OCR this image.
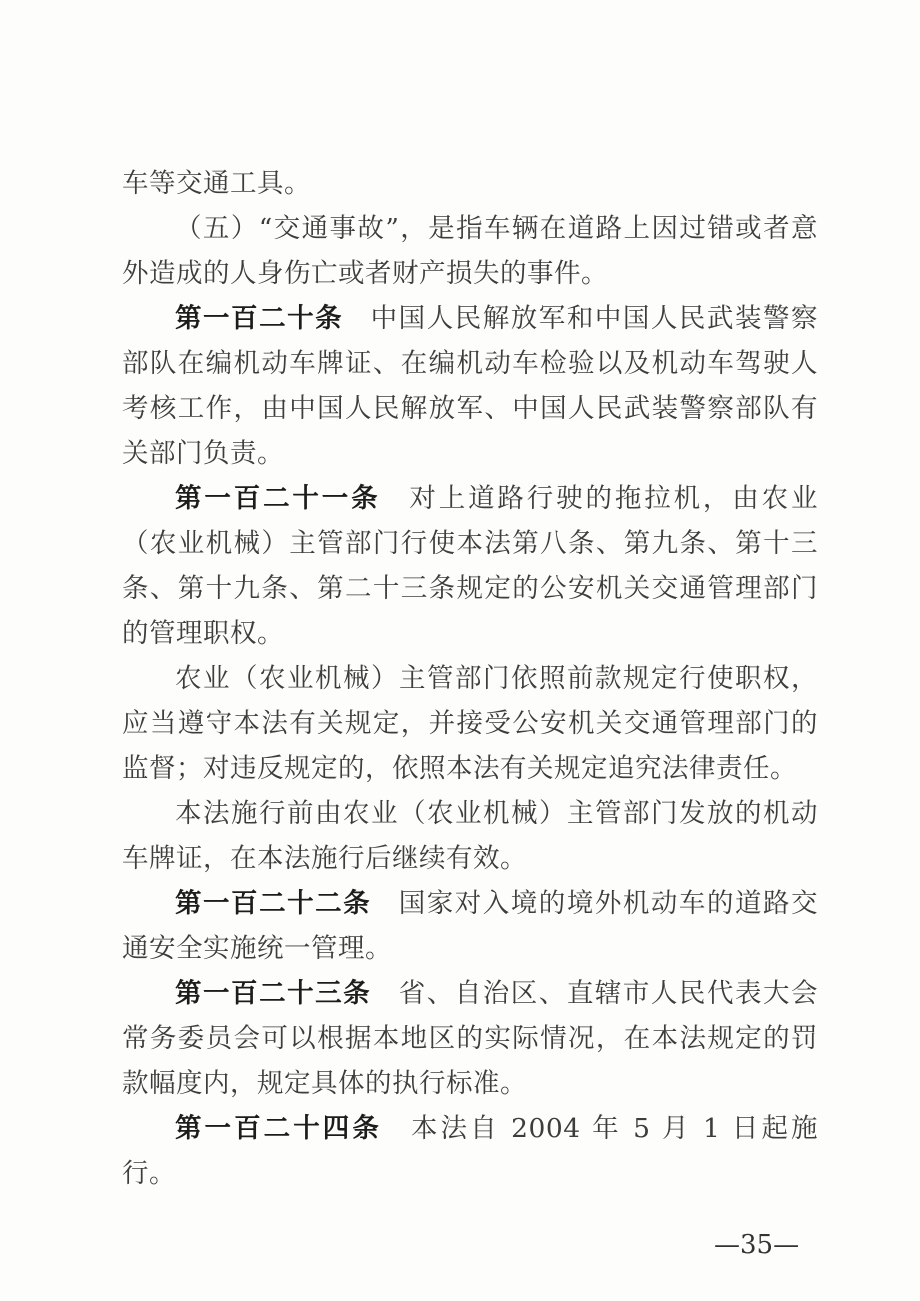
车等交通工具。

（五）“交通事故”，是指车辆在道路上因过错或者意外造成的人身伤亡或者财产损失的事件。

第一百二十条 中国人民解放军和中国人民武装警察部队在编机动车牌证、在编机动车检验以及机动车驾驶人考核工作，由中国人民解放军、中国人民武装警察部队有关部门负责。

第一百二十一条 对上道路行驶的拖拉机，由农业（农业机械）主管部门行使本法第八条、第九条、第十三条、第十九条、第二十三条规定的公安机关交通管理部门的管理职权。

农业（农业机械）主管部门依照前款规定行使职权，应当遵守本法有关规定，并接受公安机关交通管理部门的监督；对违反规定的，依照本法有关规定追究法律责任。

本法施行前由农业（农业机械）主管部门发放的机动车牌证，在本法施行后继续有效。

第一百二十二条 国家对入境的境外机动车的道路交通安全实施统一管理。

第一百二十三条 省、自治区、直辖市人民代表大会常务委员会可以根据本地区的实际情况，在本法规定的罚款幅度内，规定具体的执行标准。

第一百二十四条 本法自 2004 年 5 月 1 日起施行。

—35—
